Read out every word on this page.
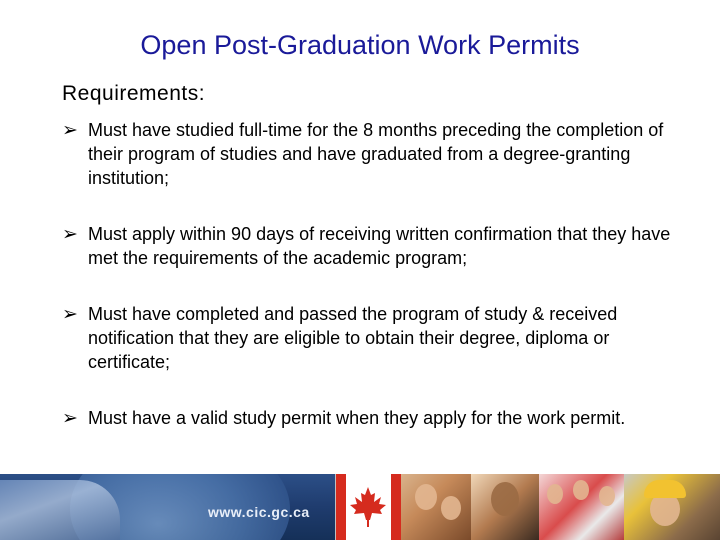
Open Post-Graduation Work Permits
Requirements:
➢ Must have studied full-time for the 8 months preceding the completion of their program of studies and have graduated from a degree-granting institution;
➢ Must apply within 90 days of receiving written confirmation that they have met the requirements of the academic program;
➢ Must have completed and passed the program of study & received notification that they are eligible to obtain their degree, diploma or certificate;
➢ Must have a valid study permit when they apply for the work permit.
www.cic.gc.ca
